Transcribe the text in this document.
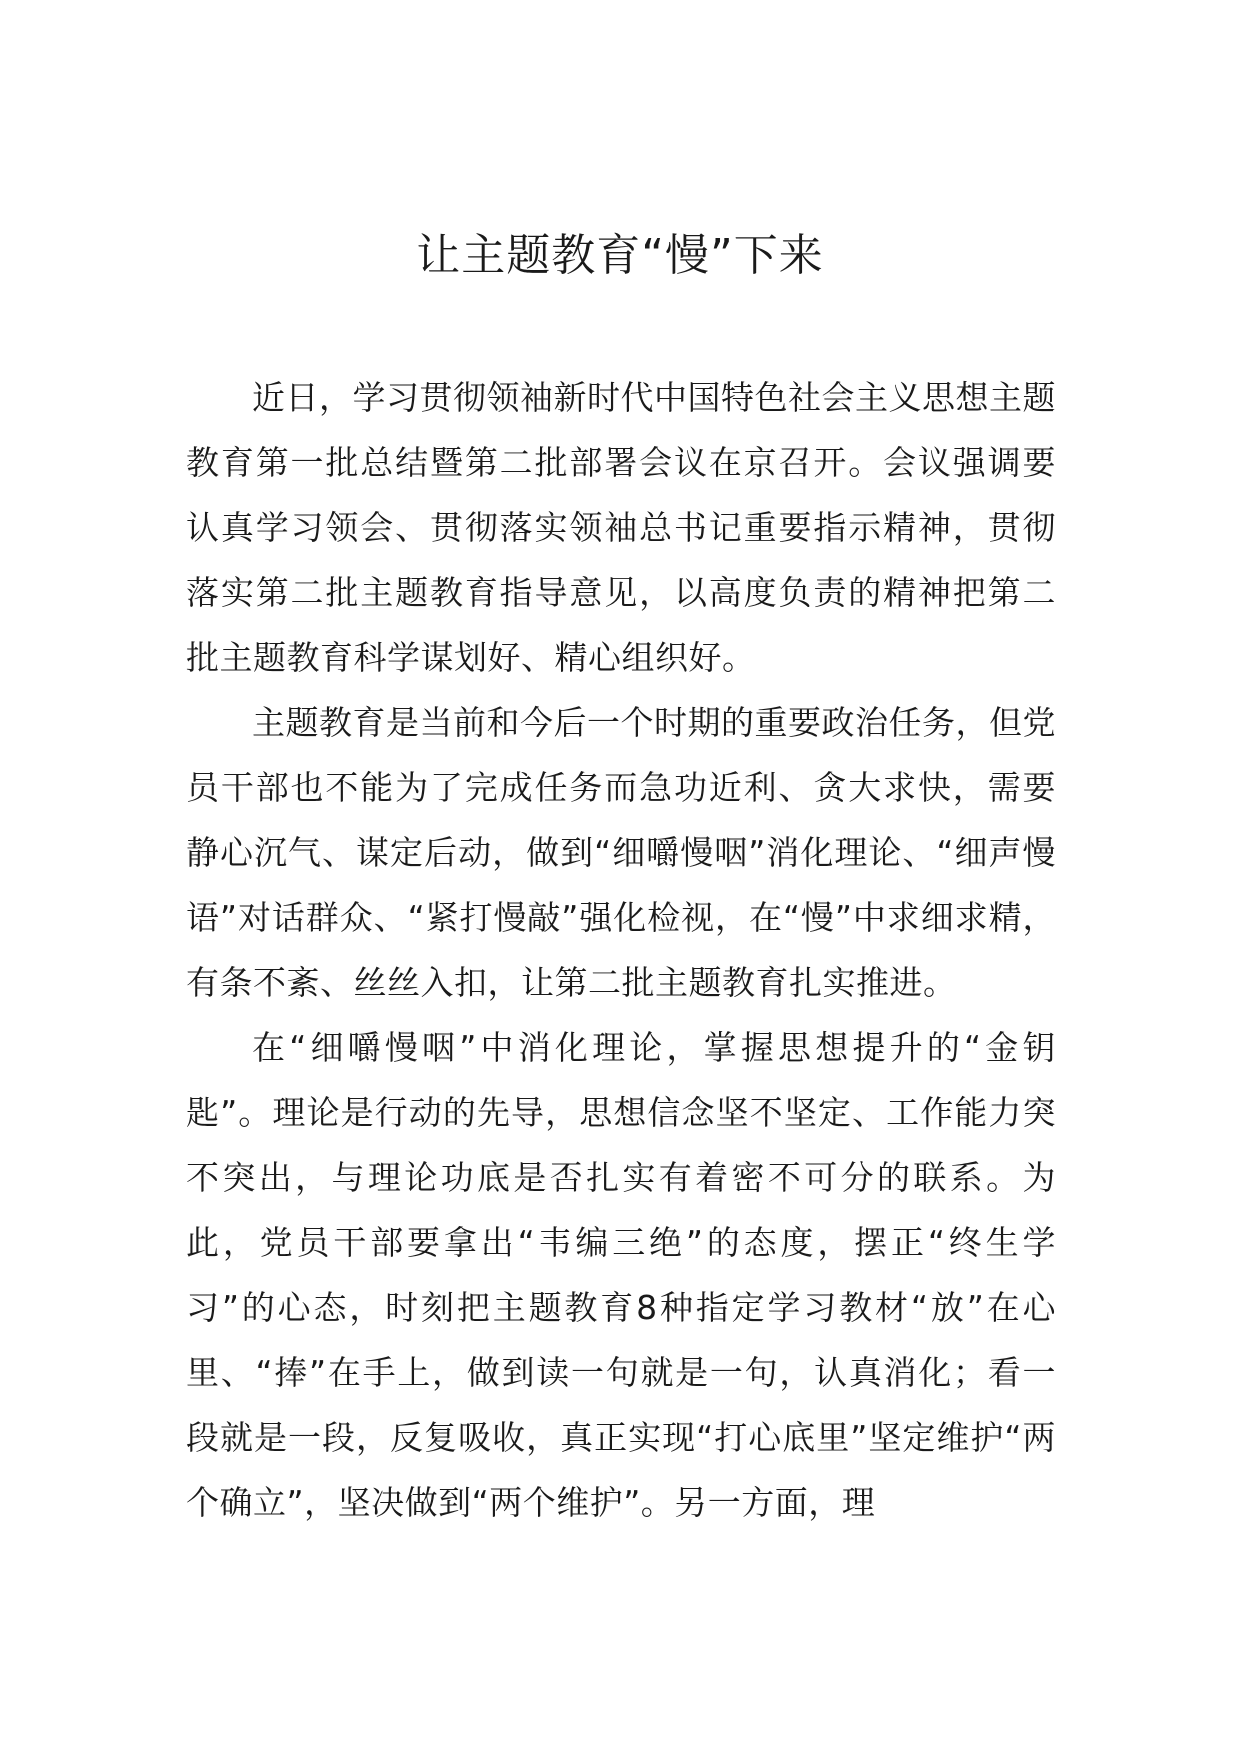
让主题教育“慢”下来

近日，学习贯彻领袖新时代中国特色社会主义思想主题教育第一批总结暨第二批部署会议在京召开。会议强调要认真学习领会、贯彻落实领袖总书记重要指示精神，贯彻落实第二批主题教育指导意见，以高度负责的精神把第二批主题教育科学谋划好、精心组织好。

主题教育是当前和今后一个时期的重要政治任务，但党员干部也不能为了完成任务而急功近利、贪大求快，需要静心沉气、谋定后动，做到“细嚼慢咽”消化理论、“细声慢语”对话群众、“紧打慢敲”强化检视，在“慢”中求细求精，有条不紊、丝丝入扣，让第二批主题教育扎实推进。

在“细嚼慢咽”中消化理论，掌握思想提升的“金钥匙”。理论是行动的先导，思想信念坚不坚定、工作能力突不突出，与理论功底是否扎实有着密不可分的联系。为此，党员干部要拿出“韦编三绝”的态度，摆正“终生学习”的心态，时刻把主题教育8种指定学习教材“放”在心里、“捧”在手上，做到读一句就是一句，认真消化；看一段就是一段，反复吸收，真正实现“打心底里”坚定维护“两个确立”，坚决做到“两个维护”。另一方面，理
